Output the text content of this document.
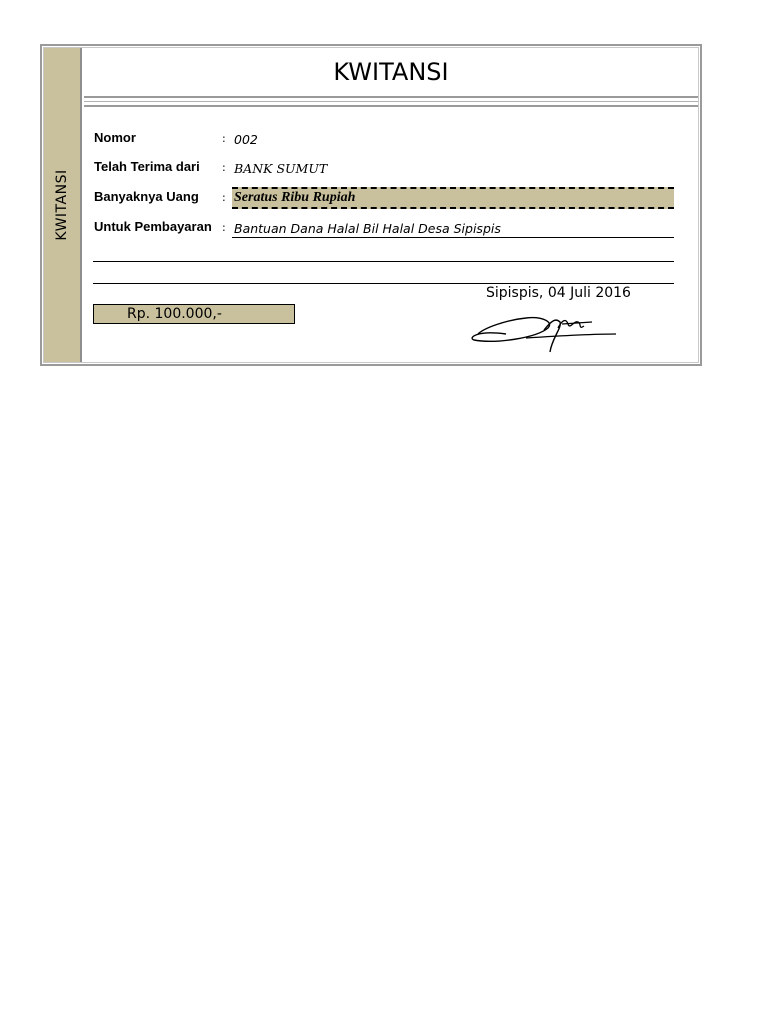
KWITANSI
KWITANSI
Nomor	: 002
Telah Terima dari : BANK SUMUT
Banyaknya Uang : Seratus Ribu Rupiah
Untuk Pembayaran : Bantuan Dana Halal Bil Halal Desa Sipispis
Sipispis, 04 Juli 2016
Rp. 100.000,-
